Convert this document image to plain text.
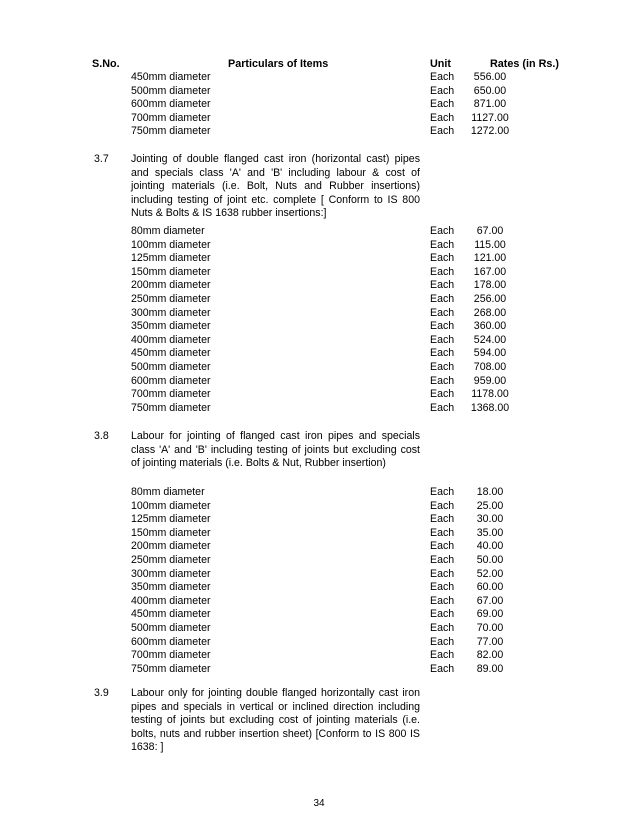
S.No.	Particulars of Items	Unit	Rates (in Rs.)
450mm diameter	Each	556.00
500mm diameter	Each	650.00
600mm diameter	Each	871.00
700mm diameter	Each	1127.00
750mm diameter	Each	1272.00
3.7 Jointing of double flanged cast iron (horizontal cast) pipes and specials class 'A' and 'B' including labour & cost of jointing materials (i.e. Bolt, Nuts and Rubber insertions) including testing of joint etc. complete [ Conform to IS 800 Nuts & Bolts & IS 1638 rubber insertions:]
80mm diameter	Each	67.00
100mm diameter	Each	115.00
125mm diameter	Each	121.00
150mm diameter	Each	167.00
200mm diameter	Each	178.00
250mm diameter	Each	256.00
300mm diameter	Each	268.00
350mm diameter	Each	360.00
400mm diameter	Each	524.00
450mm diameter	Each	594.00
500mm diameter	Each	708.00
600mm diameter	Each	959.00
700mm diameter	Each	1178.00
750mm diameter	Each	1368.00
3.8 Labour for jointing of flanged cast iron pipes and specials class 'A' and 'B' including testing of joints but excluding cost of jointing materials (i.e. Bolts & Nut, Rubber insertion)
80mm diameter	Each	18.00
100mm diameter	Each	25.00
125mm diameter	Each	30.00
150mm diameter	Each	35.00
200mm diameter	Each	40.00
250mm diameter	Each	50.00
300mm diameter	Each	52.00
350mm diameter	Each	60.00
400mm diameter	Each	67.00
450mm diameter	Each	69.00
500mm diameter	Each	70.00
600mm diameter	Each	77.00
700mm diameter	Each	82.00
750mm diameter	Each	89.00
3.9 Labour only for jointing double flanged horizontally cast iron pipes and specials in vertical or inclined direction including testing of joints but excluding cost of jointing materials (i.e. bolts, nuts and rubber insertion sheet) [Conform to IS 800 IS 1638: ]
34
